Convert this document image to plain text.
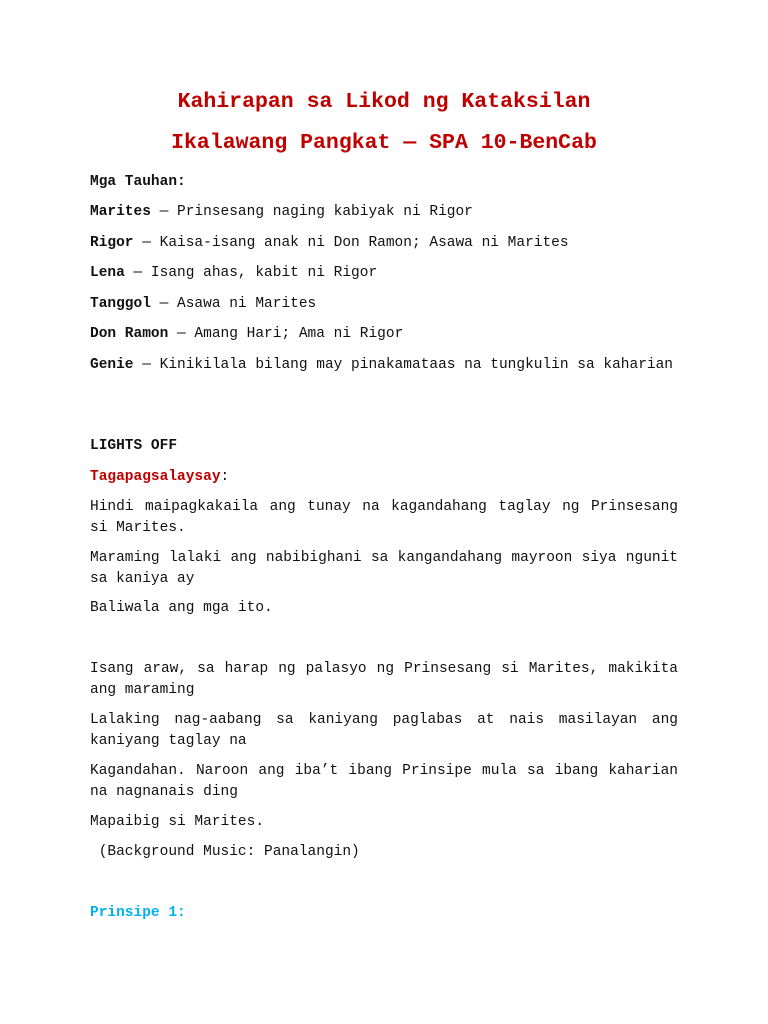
Kahirapan sa Likod ng Kataksilan
Ikalawang Pangkat — SPA 10-BenCab

Mga Tauhan:

Marites — Prinsesang naging kabiyak ni Rigor

Rigor — Kaisa-isang anak ni Don Ramon; Asawa ni Marites

Lena — Isang ahas, kabit ni Rigor

Tanggol — Asawa ni Marites

Don Ramon — Amang Hari; Ama ni Rigor

Genie — Kinikilala bilang may pinakamataas na tungkulin sa kaharian

LIGHTS OFF

Tagapagsalaysay:

Hindi maipagkakaila ang tunay na kagandahang taglay ng Prinsesang si Marites.

Maraming lalaki ang nabibighani sa kangandahang mayroon siya ngunit sa kaniya ay

Baliwala ang mga ito.

Isang araw, sa harap ng palasyo ng Prinsesang si Marites, makikita ang maraming

Lalaking nag-aabang sa kaniyang paglabas at nais masilayan ang kaniyang taglay na

Kagandahan. Naroon ang iba’t ibang Prinsipe mula sa ibang kaharian na nagnanais ding

Mapaibig si Marites.

(Background Music: Panalangin)

Prinsipe 1:
